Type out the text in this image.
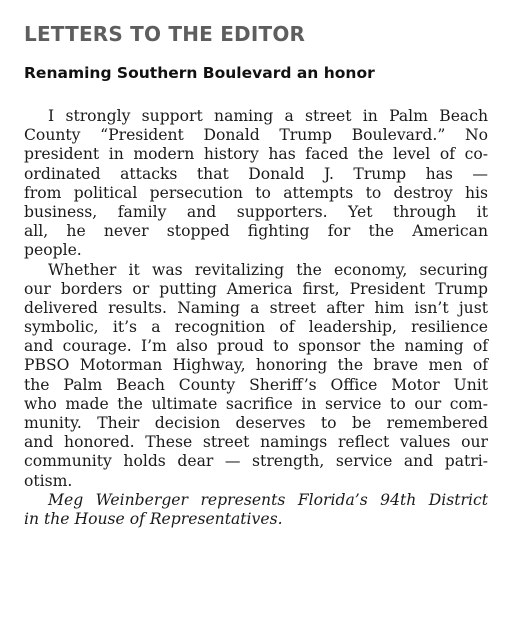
LETTERS TO THE EDITOR
Renaming Southern Boulevard an honor

I strongly support naming a street in Palm Beach
County “President Donald Trump Boulevard.” No
president in modern history has faced the level of co-
ordinated attacks that Donald J. Trump has —
from political persecution to attempts to destroy his
business, family and supporters. Yet through it
all, he never stopped fighting for the American
people.

Whether it was revitalizing the economy, securing
our borders or putting America first, President Trump
delivered results. Naming a street after him isn’t just
symbolic, it’s a recognition of leadership, resilience
and courage. I’m also proud to sponsor the naming of
PBSO Motorman Highway, honoring the brave men of
the Palm Beach County Sheriff’s Office Motor Unit
who made the ultimate sacrifice in service to our com-
munity. Their decision deserves to be remembered
and honored. These street namings reflect values our
community holds dear — strength, service and patri-
otism.

Meg Weinberger represents Florida’s 94th District
in the House of Representatives.
